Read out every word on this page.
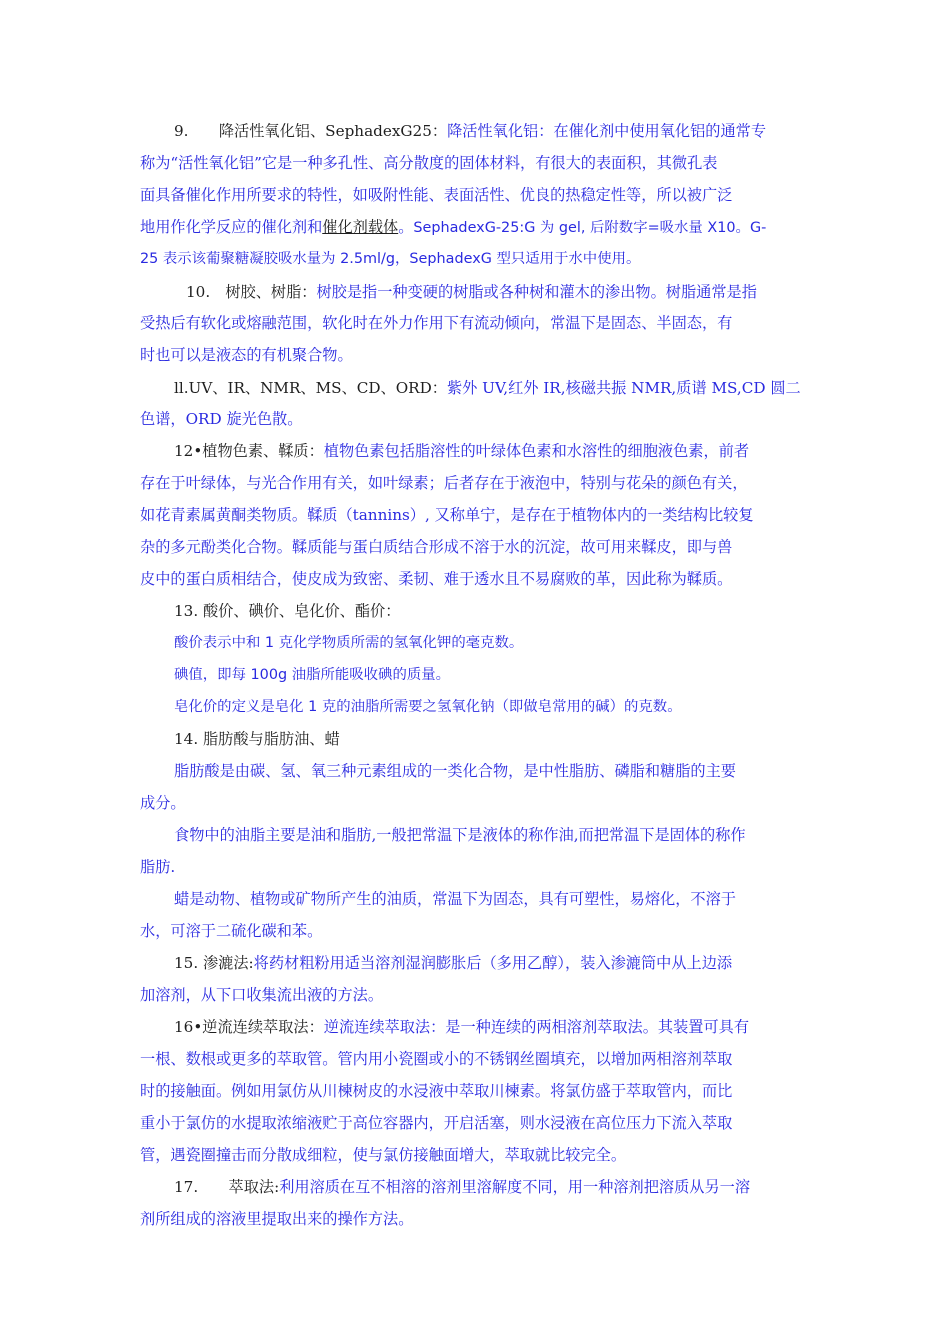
9.　　降活性氧化铝、SephadexG25：降活性氧化铝：在催化剂中使用氧化铝的通常专
称为“活性氧化铝”它是一种多孔性、高分散度的固体材料，有很大的表面积，其微孔表
面具备催化作用所要求的特性，如吸附性能、表面活性、优良的热稳定性等，所以被广泛
地用作化学反应的催化剂和催化剂载体。SephadexG-25:G 为 gel, 后附数字=吸水量 X10。G-
25 表示该葡聚糖凝胶吸水量为 2.5ml/g，SephadexG 型只适用于水中使用。
10.　树胶、树脂：树胶是指一种变硬的树脂或各种树和灌木的渗出物。树脂通常是指
受热后有软化或熔融范围，软化时在外力作用下有流动倾向，常温下是固态、半固态，有
时也可以是液态的有机聚合物。
ll.UV、IR、NMR、MS、CD、ORD：紫外 UV,红外 IR,核磁共振 NMR,质谱 MS,CD 圆二
色谱，ORD 旋光色散。
12•植物色素、鞣质：植物色素包括脂溶性的叶绿体色素和水溶性的细胞液色素，前者
存在于叶绿体，与光合作用有关，如叶绿素；后者存在于液泡中，特别与花朵的颜色有关，
如花青素属黄酮类物质。鞣质（tannins）, 又称单宁，是存在于植物体内的一类结构比较复
杂的多元酚类化合物。鞣质能与蛋白质结合形成不溶于水的沉淀，故可用来鞣皮，即与兽
皮中的蛋白质相结合，使皮成为致密、柔韧、难于透水且不易腐败的革，因此称为鞣质。
13. 酸价、碘价、皂化价、酯价：
酸价表示中和 1 克化学物质所需的氢氧化钾的毫克数。
碘值，即每 100g 油脂所能吸收碘的质量。
皂化价的定义是皂化 1 克的油脂所需要之氢氧化钠（即做皂常用的碱）的克数。
14. 脂肪酸与脂肪油、蜡
脂肪酸是由碳、氢、氧三种元素组成的一类化合物，是中性脂肪、磷脂和糖脂的主要
成分。
食物中的油脂主要是油和脂肪,一般把常温下是液体的称作油,而把常温下是固体的称作
脂肪.
蜡是动物、植物或矿物所产生的油质，常温下为固态，具有可塑性，易熔化，不溶于
水，可溶于二硫化碳和苯。
15. 渗漉法:将药材粗粉用适当溶剂湿润膨胀后（多用乙醇），装入渗漉筒中从上边添
加溶剂，从下口收集流出液的方法。
16•逆流连续萃取法：逆流连续萃取法：是一种连续的两相溶剂萃取法。其装置可具有
一根、数根或更多的萃取管。管内用小瓷圈或小的不锈钢丝圈填充，以增加两相溶剂萃取
时的接触面。例如用氯仿从川楝树皮的水浸液中萃取川楝素。将氯仿盛于萃取管内，而比
重小于氯仿的水提取浓缩液贮于高位容器内，开启活塞，则水浸液在高位压力下流入萃取
管，遇瓷圈撞击而分散成细粒，使与氯仿接触面增大，萃取就比较完全。
17.　　萃取法:利用溶质在互不相溶的溶剂里溶解度不同，用一种溶剂把溶质从另一溶
剂所组成的溶液里提取出来的操作方法。
